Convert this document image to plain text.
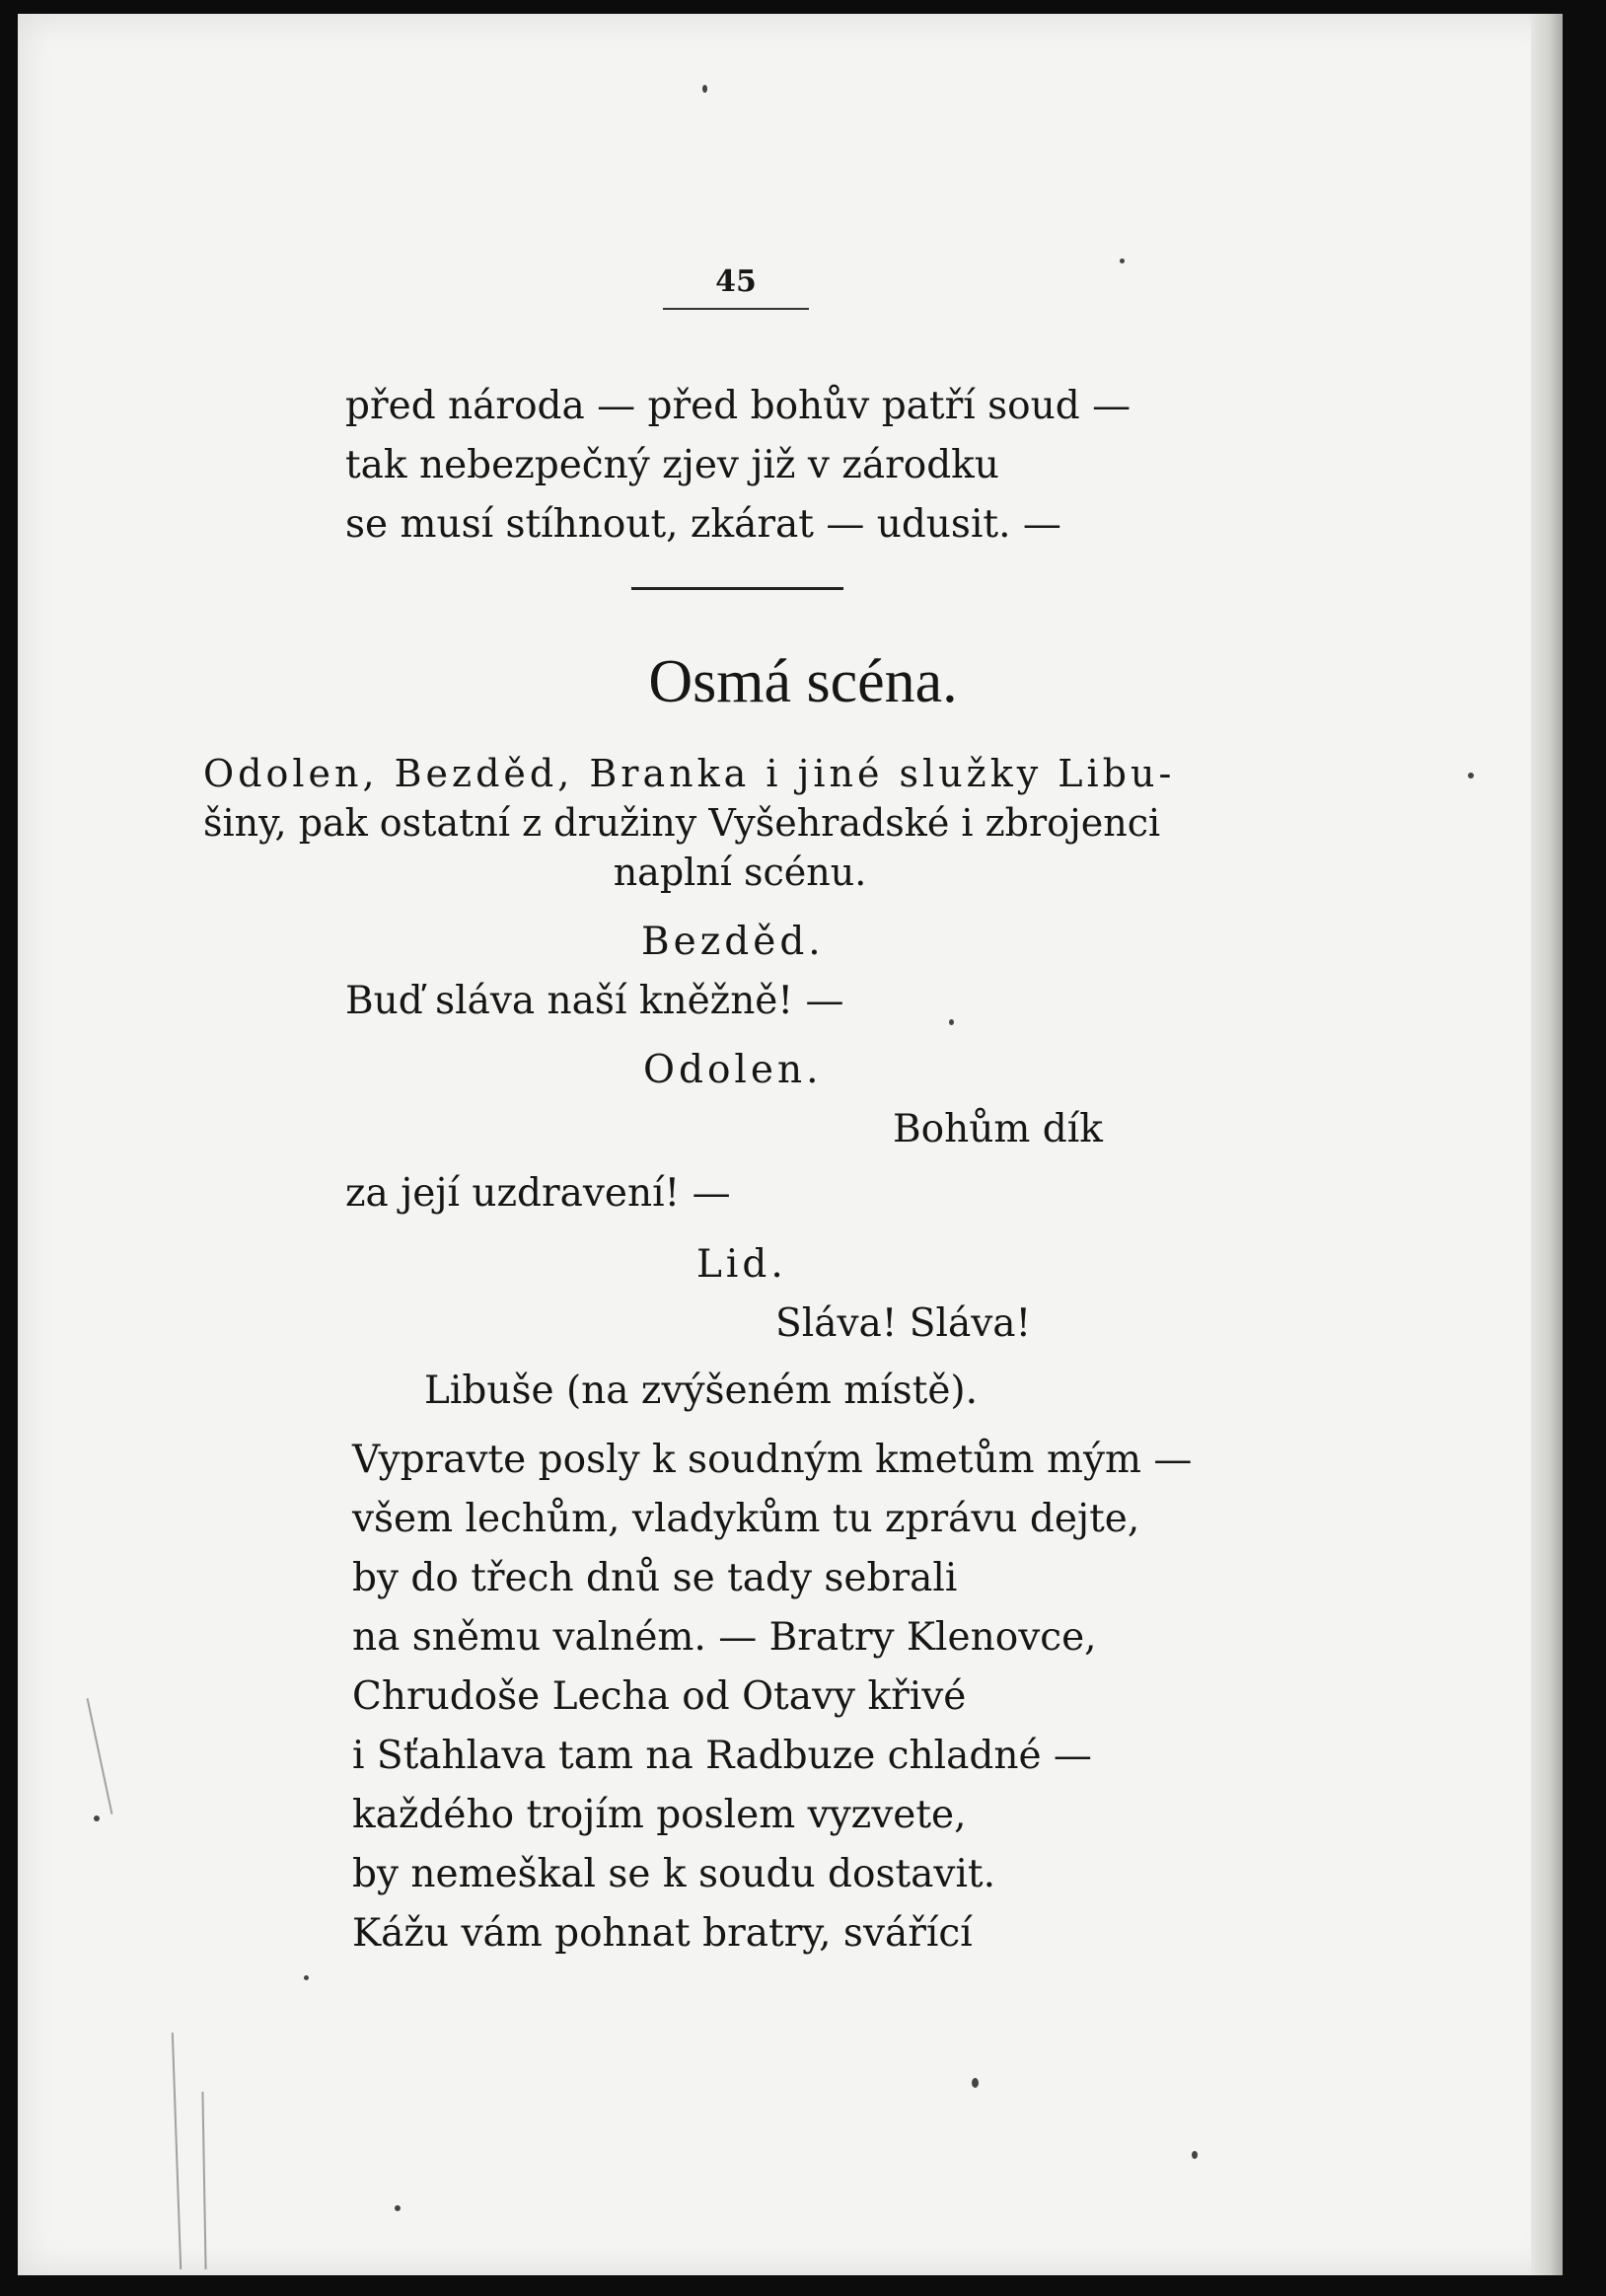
45
před národa — před bohův patří soud —
tak nebezpečný zjev již v zárodku
se musí stíhnout, zkárat — udusit. —
Osmá scéna.
Odolen, Bezděd, Branka i jiné služky Libu-
šiny, pak ostatní z družiny Vyšehradské i zbrojenci
naplní scénu.
Bezděd.
Buď sláva naší kněžně! —
Odolen.
Bohům dík
za její uzdravení! —
Lid.
Sláva! Sláva!
Libuše (na zvýšeném místě).
Vypravte posly k soudným kmetům mým —
všem lechům, vladykům tu zprávu dejte,
by do třech dnů se tady sebrali
na sněmu valném. — Bratry Klenovce,
Chrudoše Lecha od Otavy křivé
i Sťahlava tam na Radbuze chladné —
každého trojím poslem vyzvete,
by nemeškal se k soudu dostavit.
Kážu vám pohnat bratry, svářící
